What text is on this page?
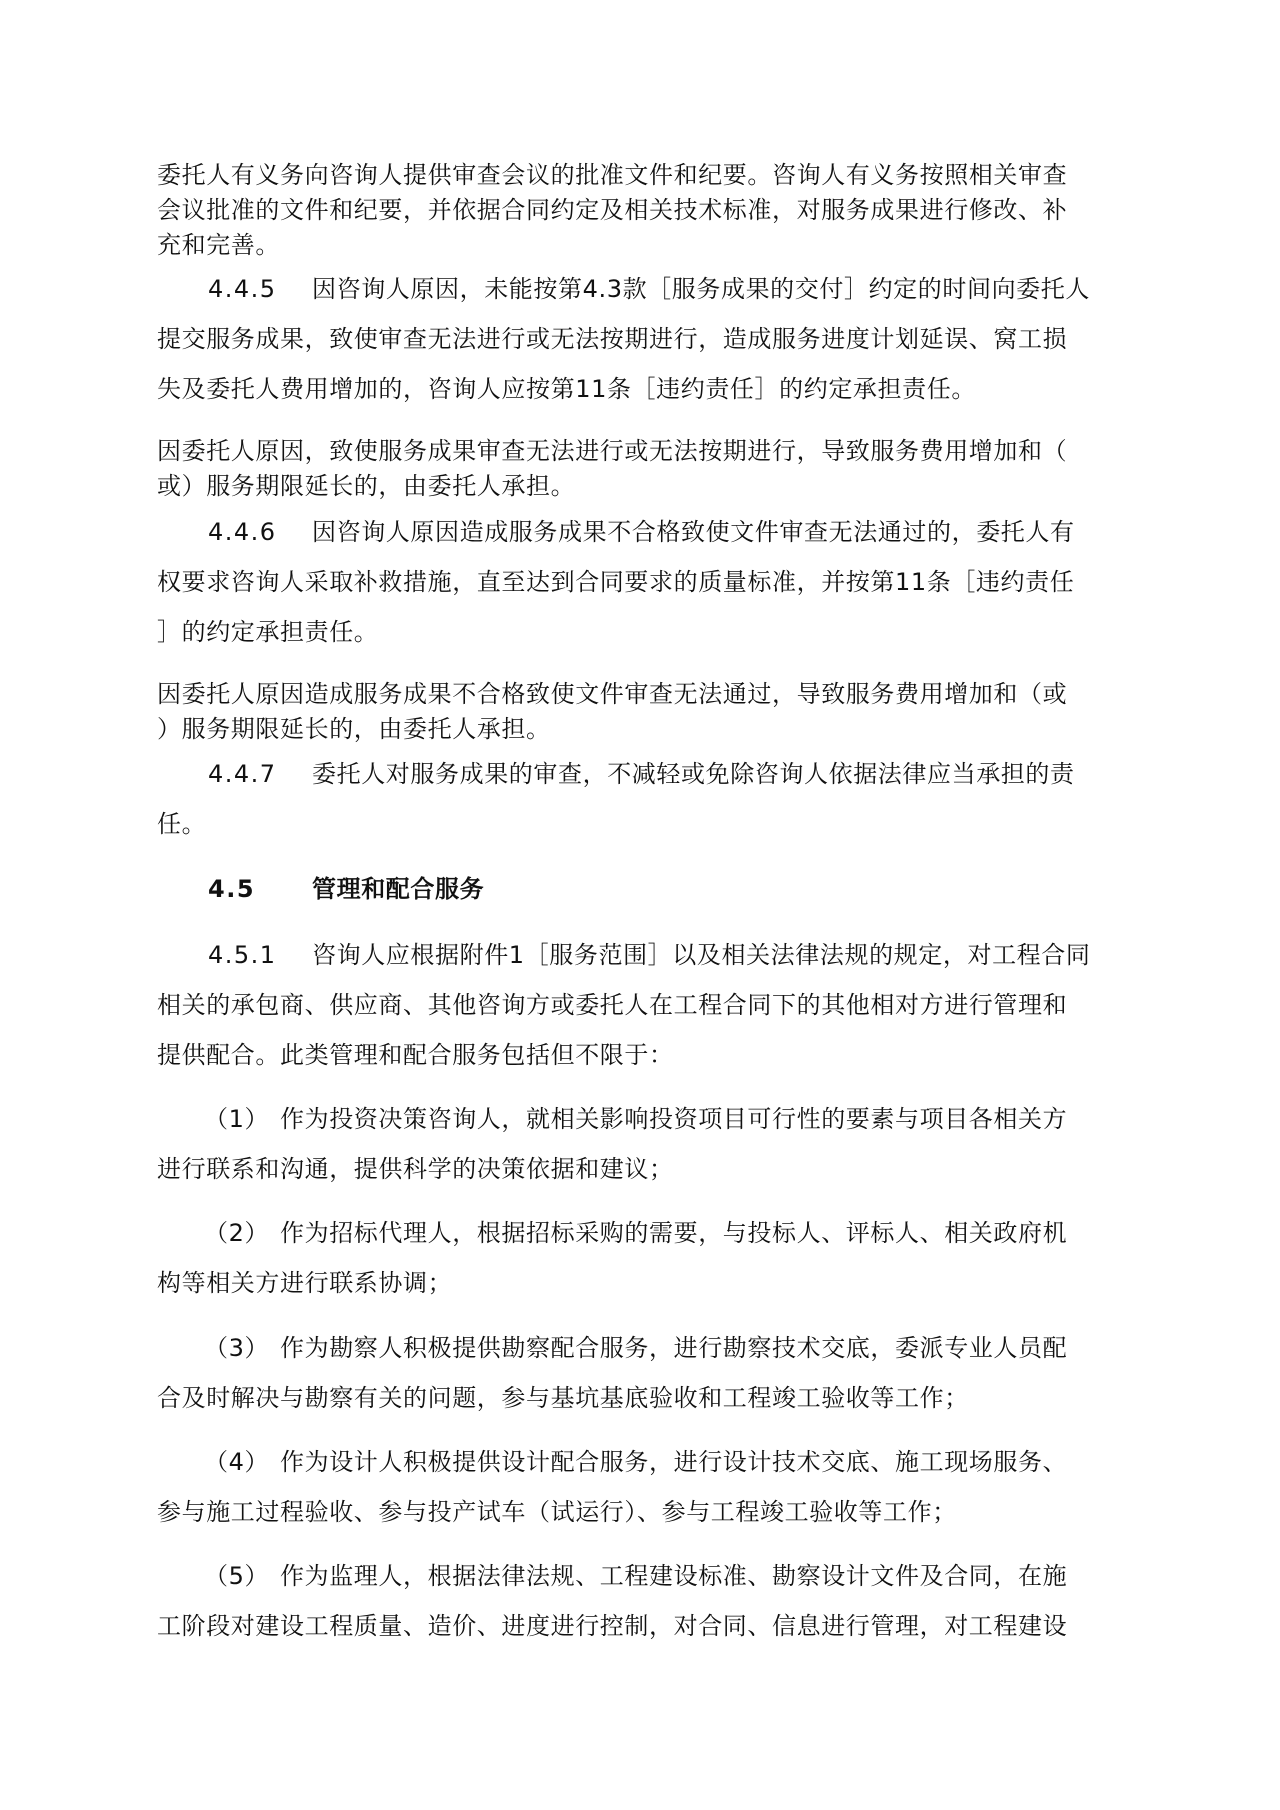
委托人有义务向咨询人提供审查会议的批准文件和纪要。咨询人有义务按照相关审查
会议批准的文件和纪要，并依据合同约定及相关技术标准，对服务成果进行修改、补
充和完善。
4.4.5 因咨询人原因，未能按第4.3款［服务成果的交付］约定的时间向委托人
提交服务成果，致使审查无法进行或无法按期进行，造成服务进度计划延误、窝工损
失及委托人费用增加的，咨询人应按第11条［违约责任］的约定承担责任。
因委托人原因，致使服务成果审查无法进行或无法按期进行，导致服务费用增加和（
或）服务期限延长的，由委托人承担。
4.4.6 因咨询人原因造成服务成果不合格致使文件审查无法通过的，委托人有
权要求咨询人采取补救措施，直至达到合同要求的质量标准，并按第11条［违约责任
］的约定承担责任。
因委托人原因造成服务成果不合格致使文件审查无法通过，导致服务费用增加和（或
）服务期限延长的，由委托人承担。
4.4.7 委托人对服务成果的审查，不减轻或免除咨询人依据法律应当承担的责
任。
4.5 管理和配合服务
4.5.1 咨询人应根据附件1［服务范围］以及相关法律法规的规定，对工程合同
相关的承包商、供应商、其他咨询方或委托人在工程合同下的其他相对方进行管理和
提供配合。此类管理和配合服务包括但不限于：
（1） 作为投资决策咨询人，就相关影响投资项目可行性的要素与项目各相关方
进行联系和沟通，提供科学的决策依据和建议；
（2） 作为招标代理人，根据招标采购的需要，与投标人、评标人、相关政府机
构等相关方进行联系协调；
（3） 作为勘察人积极提供勘察配合服务，进行勘察技术交底，委派专业人员配
合及时解决与勘察有关的问题，参与基坑基底验收和工程竣工验收等工作；
（4） 作为设计人积极提供设计配合服务，进行设计技术交底、施工现场服务、
参与施工过程验收、参与投产试车（试运行）、参与工程竣工验收等工作；
（5） 作为监理人，根据法律法规、工程建设标准、勘察设计文件及合同，在施
工阶段对建设工程质量、造价、进度进行控制，对合同、信息进行管理，对工程建设
